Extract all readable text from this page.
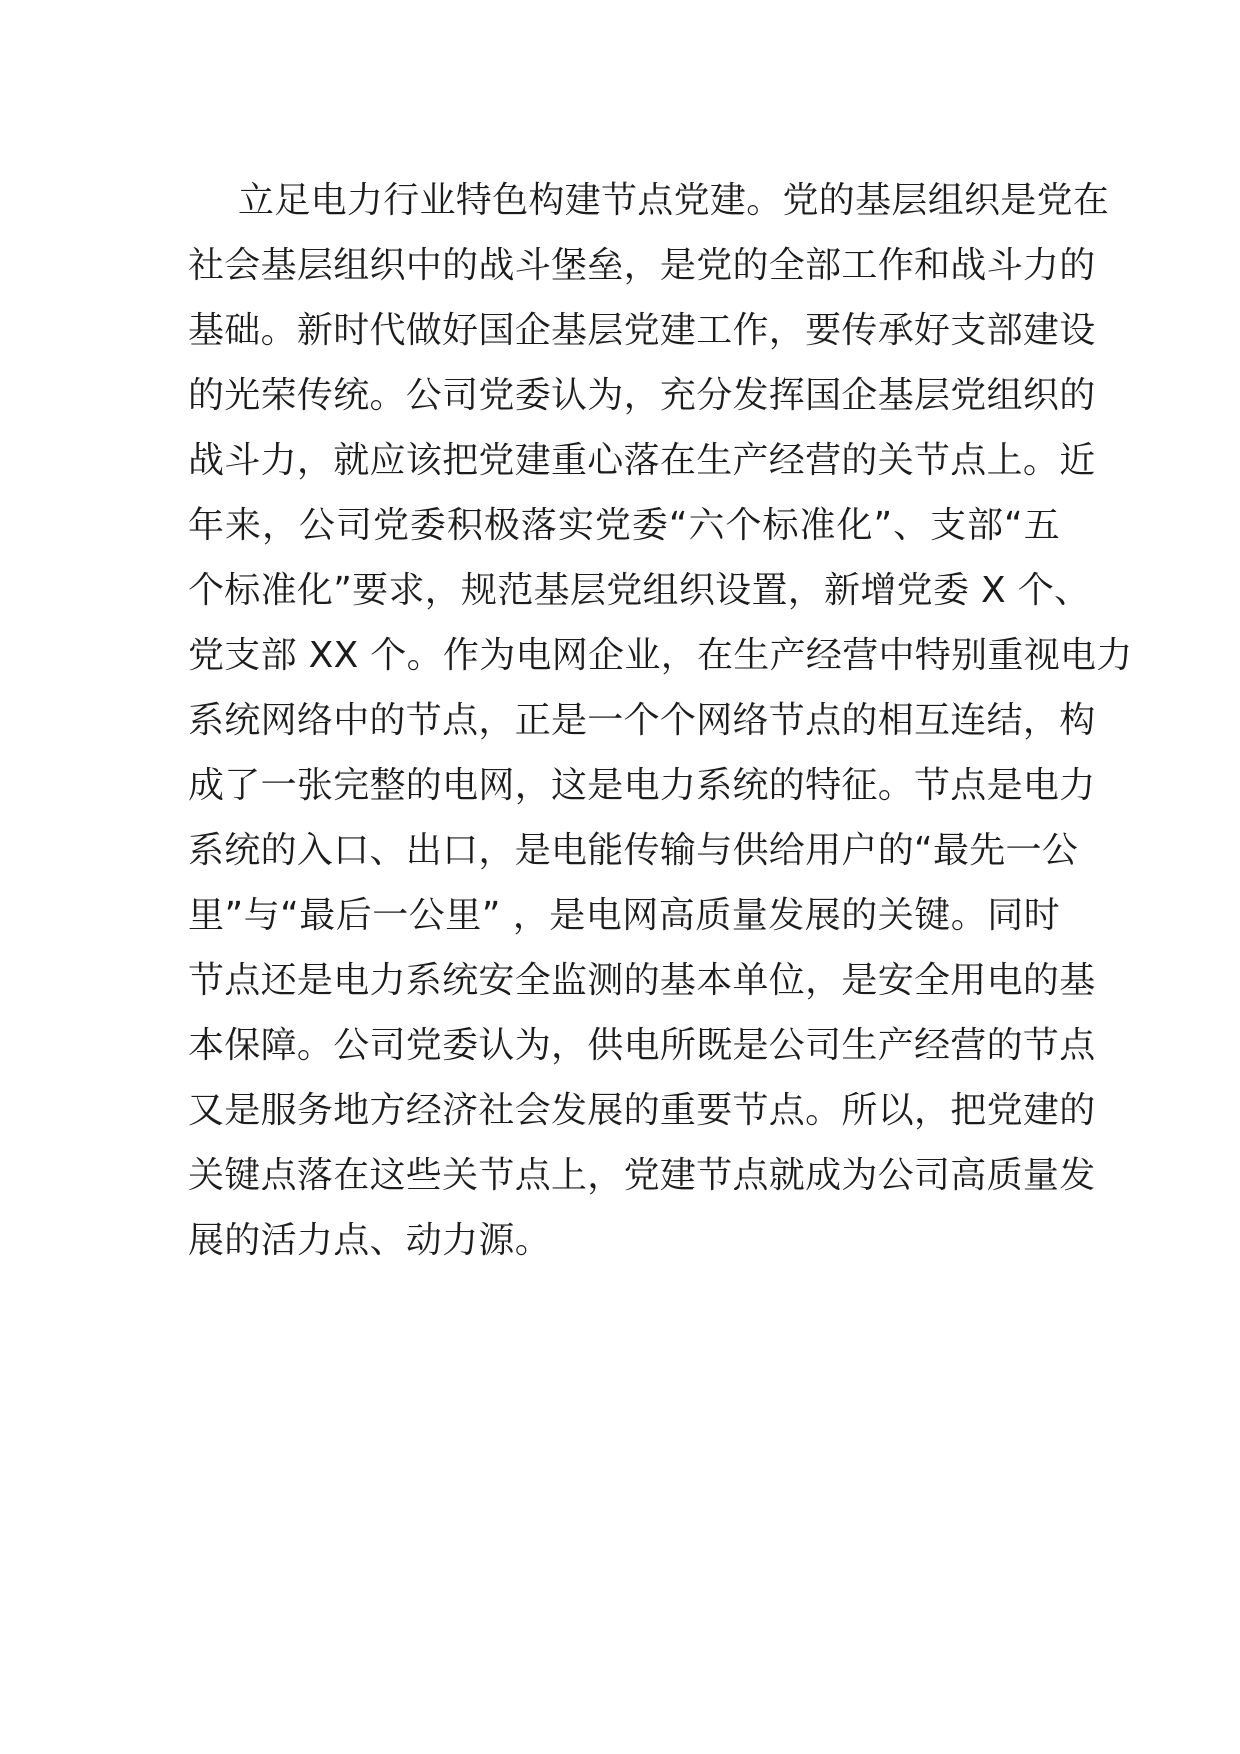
立足电力行业特色构建节点党建。党的基层组织是党在
社会基层组织中的战斗堡垒，是党的全部工作和战斗力的
基础。新时代做好国企基层党建工作，要传承好支部建设
的光荣传统。公司党委认为，充分发挥国企基层党组织的
战斗力，就应该把党建重心落在生产经营的关节点上。近
年来，公司党委积极落实党委“六个标准化”、支部“五
个标准化”要求，规范基层党组织设置，新增党委 X 个、
党支部 XX 个。作为电网企业，在生产经营中特别重视电力
系统网络中的节点，正是一个个网络节点的相互连结，构
成了一张完整的电网，这是电力系统的特征。节点是电力
系统的入口、出口，是电能传输与供给用户的“最先一公
里”与“最后一公里” ，是电网高质量发展的关键。同时
节点还是电力系统安全监测的基本单位，是安全用电的基
本保障。公司党委认为，供电所既是公司生产经营的节点
又是服务地方经济社会发展的重要节点。所以，把党建的
关键点落在这些关节点上，党建节点就成为公司高质量发
展的活力点、动力源。
